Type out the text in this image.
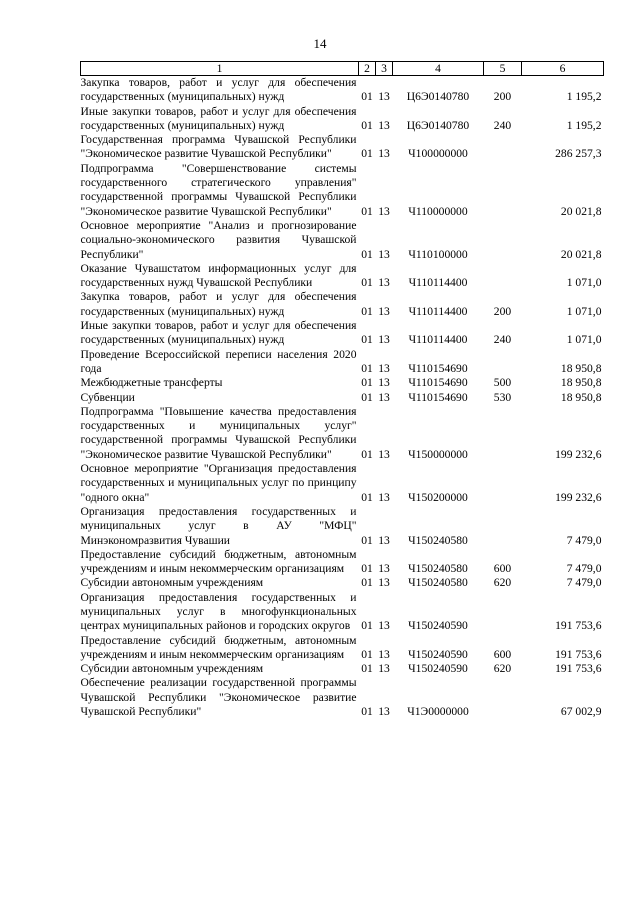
14
1	2	3	4	5	6
Закупка товаров, работ и услуг для обеспечения государственных (муниципальных) нужд	01	13	Ц6Э0140780	200	1 195,2
Иные закупки товаров, работ и услуг для обеспечения государственных (муниципальных) нужд	01	13	Ц6Э0140780	240	1 195,2
Государственная программа Чувашской Республики "Экономическое развитие Чувашской Республики"	01	13	Ч100000000		286 257,3
Подпрограмма "Совершенствование системы государственного стратегического управления" государственной программы Чувашской Республики "Экономическое развитие Чувашской Республики"	01	13	Ч110000000		20 021,8
Основное мероприятие "Анализ и прогнозирование социально-экономического развития Чувашской Республики"	01	13	Ч110100000		20 021,8
Оказание Чувашстатом информационных услуг для государственных нужд Чувашской Республики	01	13	Ч110114400		1 071,0
Закупка товаров, работ и услуг для обеспечения государственных (муниципальных) нужд	01	13	Ч110114400	200	1 071,0
Иные закупки товаров, работ и услуг для обеспечения государственных (муниципальных) нужд	01	13	Ч110114400	240	1 071,0
Проведение Всероссийской переписи населения 2020 года	01	13	Ч110154690		18 950,8
Межбюджетные трансферты	01	13	Ч110154690	500	18 950,8
Субвенции	01	13	Ч110154690	530	18 950,8
Подпрограмма "Повышение качества предоставления государственных и муниципальных услуг" государственной программы Чувашской Республики "Экономическое развитие Чувашской Республики"	01	13	Ч150000000		199 232,6
Основное мероприятие "Организация предоставления государственных и муниципальных услуг по принципу "одного окна"	01	13	Ч150200000		199 232,6
Организация предоставления государственных и муниципальных услуг в АУ "МФЦ" Минэкономразвития Чувашии	01	13	Ч150240580		7 479,0
Предоставление субсидий бюджетным, автономным учреждениям и иным некоммерческим организациям	01	13	Ч150240580	600	7 479,0
Субсидии автономным учреждениям	01	13	Ч150240580	620	7 479,0
Организация предоставления государственных и муниципальных услуг в многофункциональных центрах муниципальных районов и городских округов	01	13	Ч150240590		191 753,6
Предоставление субсидий бюджетным, автономным учреждениям и иным некоммерческим организациям	01	13	Ч150240590	600	191 753,6
Субсидии автономным учреждениям	01	13	Ч150240590	620	191 753,6
Обеспечение реализации государственной программы Чувашской Республики "Экономическое развитие Чувашской Республики"	01	13	Ч1Э0000000		67 002,9
